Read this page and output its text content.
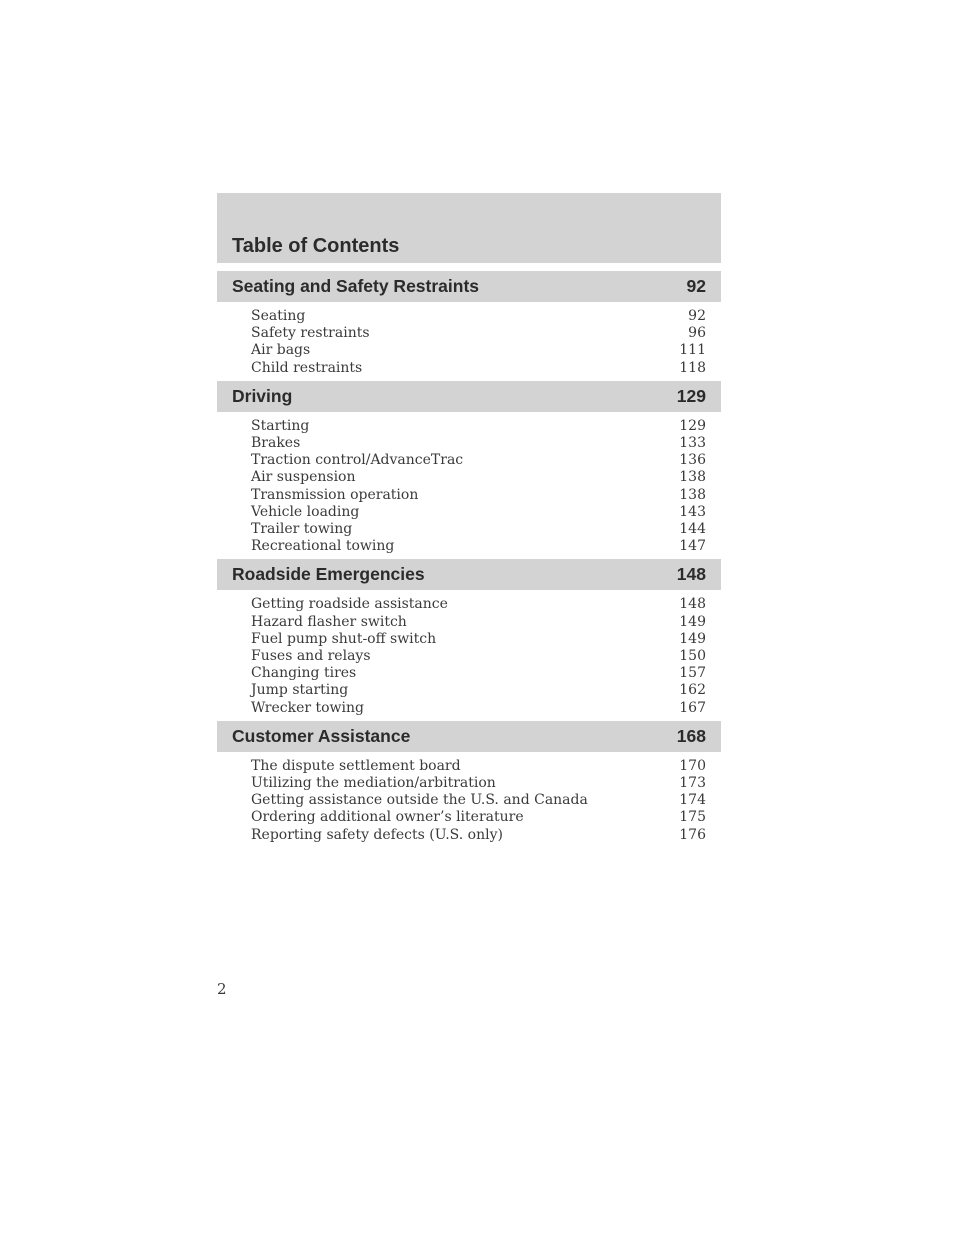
Table of Contents
Seating and Safety Restraints	92
Seating	92
Safety restraints	96
Air bags	111
Child restraints	118
Driving	129
Starting	129
Brakes	133
Traction control/AdvanceTrac	136
Air suspension	138
Transmission operation	138
Vehicle loading	143
Trailer towing	144
Recreational towing	147
Roadside Emergencies	148
Getting roadside assistance	148
Hazard flasher switch	149
Fuel pump shut-off switch	149
Fuses and relays	150
Changing tires	157
Jump starting	162
Wrecker towing	167
Customer Assistance	168
The dispute settlement board	170
Utilizing the mediation/arbitration	173
Getting assistance outside the U.S. and Canada	174
Ordering additional owner’s literature	175
Reporting safety defects (U.S. only)	176
2
